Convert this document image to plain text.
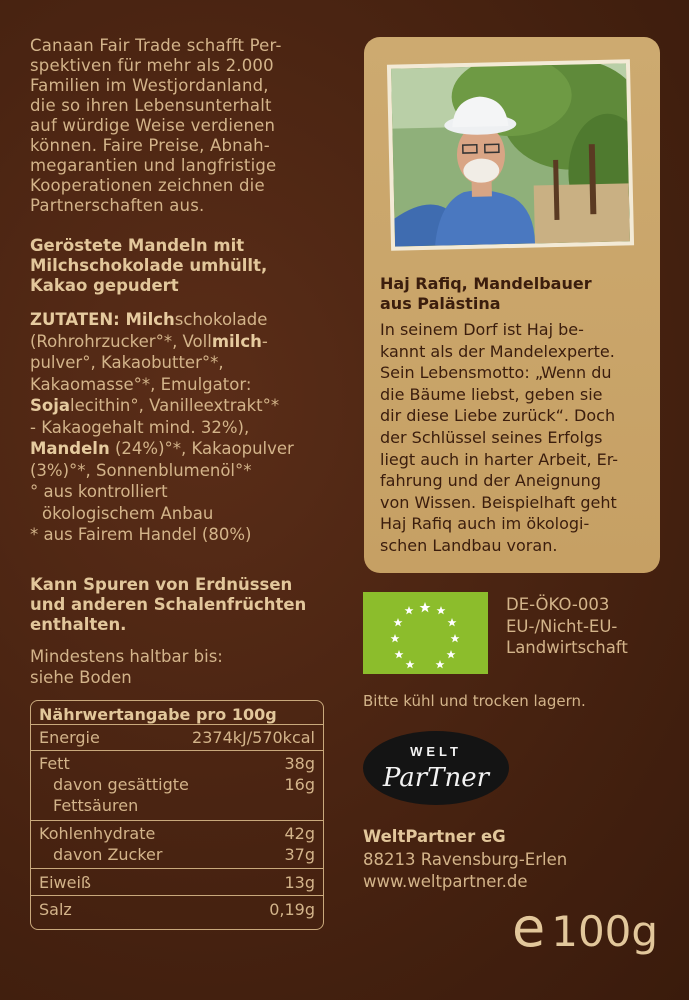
Canaan Fair Trade schafft Per-
spektiven für mehr als 2.000
Familien im Westjordanland,
die so ihren Lebensunterhalt
auf würdige Weise verdienen
können. Faire Preise, Abnah-
megarantien und langfristige
Kooperationen zeichnen die
Partnerschaften aus.
Geröstete Mandeln mit
Milchschokolade umhüllt,
Kakao gepudert
ZUTATEN: Milchschokolade
(Rohrohrzucker°*, Vollmilch-
pulver°, Kakaobutter°*,
Kakaomasse°*, Emulgator:
Sojalecithin°, Vanilleextrakt°*
- Kakaogehalt mind. 32%),
Mandeln (24%)°*, Kakaopulver
(3%)°*, Sonnenblumenöl°*
° aus kontrolliert
ökologischem Anbau
* aus Fairem Handel (80%)
Kann Spuren von Erdnüssen
und anderen Schalenfrüchten
enthalten.
Mindestens haltbar bis:
siehe Boden
Nährwertangabe pro 100g
Energie	2374kJ/570kcal
Fett	38g
davon gesättigte	16g
Fettsäuren
Kohlenhydrate	42g
davon Zucker	37g
Eiweiß	13g
Salz	0,19g
Haj Rafiq, Mandelbauer
aus Palästina
In seinem Dorf ist Haj be-
kannt als der Mandelexperte.
Sein Lebensmotto: „Wenn du
die Bäume liebst, geben sie
dir diese Liebe zurück“. Doch
der Schlüssel seines Erfolgs
liegt auch in harter Arbeit, Er-
fahrung und der Aneignung
von Wissen. Beispielhaft geht
Haj Rafiq auch im ökologi-
schen Landbau voran.
DE-ÖKO-003
EU-/Nicht-EU-
Landwirtschaft
Bitte kühl und trocken lagern.
WELT
ParTner
WeltPartner eG
88213 Ravensburg-Erlen
www.weltpartner.de
e 100g
